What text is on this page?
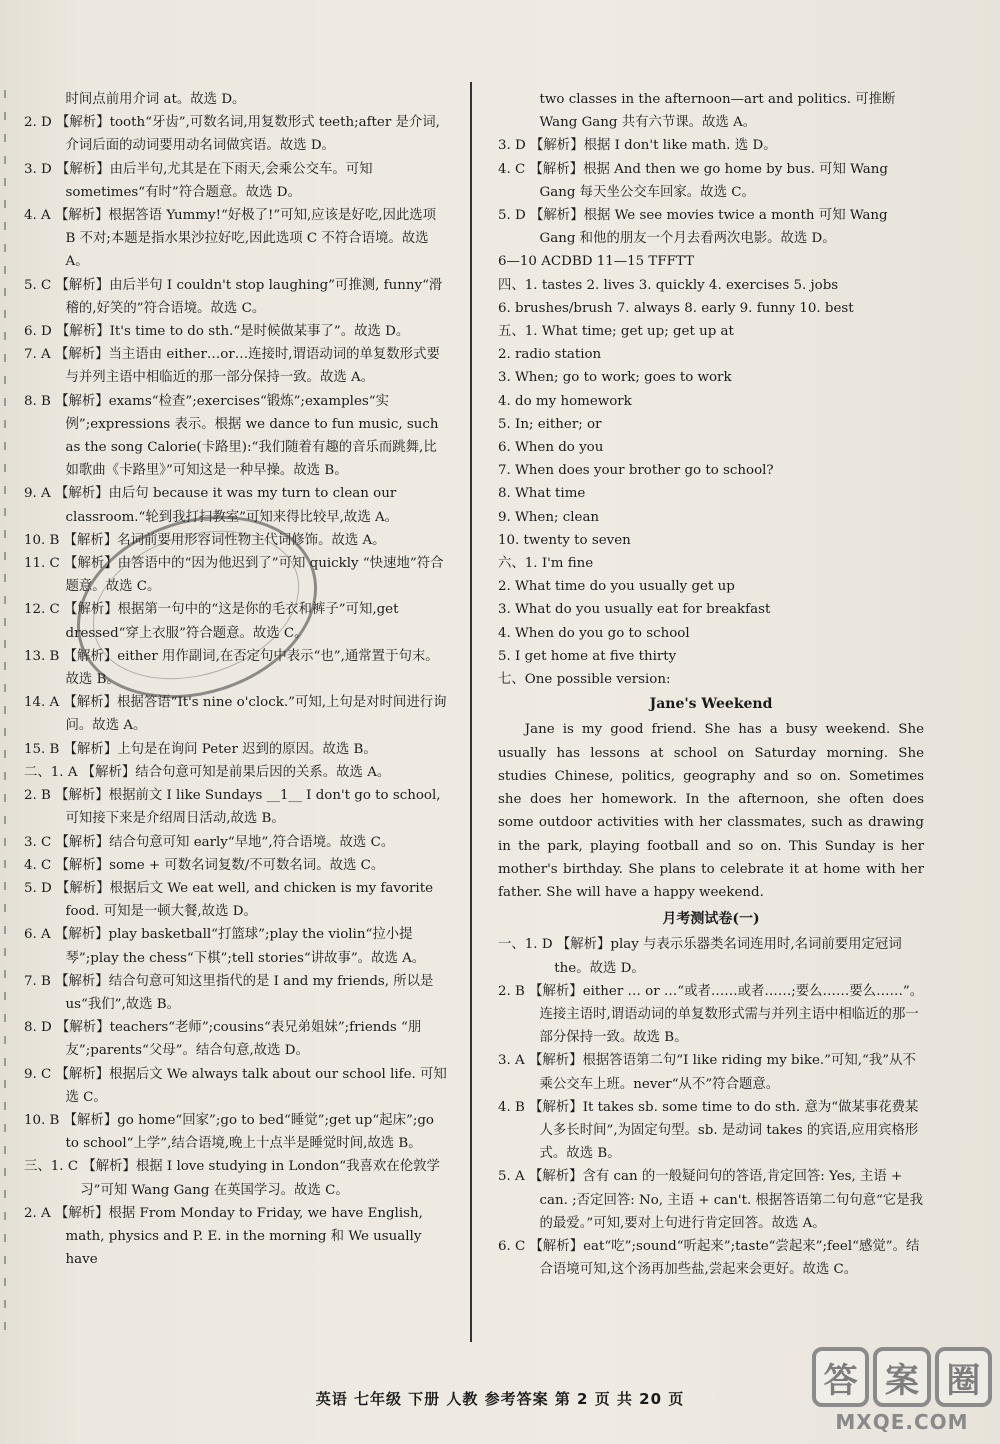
时间点前用介词 at。故选 D。

2. D 【解析】tooth“牙齿”,可数名词,用复数形式 teeth;after 是介词,介词后面的动词要用动名词做宾语。故选 D。

3. D 【解析】由后半句,尤其是在下雨天,会乘公交车。可知 sometimes“有时”符合题意。故选 D。

4. A 【解析】根据答语 Yummy!“好极了!”可知,应该是好吃,因此选项 B 不对;本题是指水果沙拉好吃,因此选项 C 不符合语境。故选 A。

5. C 【解析】由后半句 I couldn't stop laughing”可推测, funny“滑稽的,好笑的”符合语境。故选 C。

6. D 【解析】It's time to do sth.“是时候做某事了”。故选 D。

7. A 【解析】当主语由 either…or…连接时,谓语动词的单复数形式要与并列主语中相临近的那一部分保持一致。故选 A。

8. B 【解析】exams“检查”;exercises“锻炼”;examples“实例”;expressions 表示。根据 we dance to fun music, such as the song Calorie(卡路里):“我们随着有趣的音乐而跳舞,比如歌曲《卡路里》”可知这是一种早操。故选 B。

9. A 【解析】由后句 because it was my turn to clean our classroom.“轮到我打扫教室”可知来得比较早,故选 A。

10. B 【解析】名词前要用形容词性物主代词修饰。故选 A。

11. C 【解析】由答语中的“因为他迟到了”可知 quickly “快速地”符合题意。故选 C。

12. C 【解析】根据第一句中的“这是你的毛衣和裤子”可知,get dressed“穿上衣服”符合题意。故选 C。

13. B 【解析】either 用作副词,在否定句中表示“也”,通常置于句末。故选 B。

14. A 【解析】根据答语“It's nine o'clock.”可知,上句是对时间进行询问。故选 A。

15. B 【解析】上句是在询问 Peter 迟到的原因。故选 B。

二、1. A 【解析】结合句意可知是前果后因的关系。故选 A。

2. B 【解析】根据前文 I like Sundays __1__ I don't go to school,可知接下来是介绍周日活动,故选 B。

3. C 【解析】结合句意可知 early“早地”,符合语境。故选 C。

4. C 【解析】some + 可数名词复数/不可数名词。故选 C。

5. D 【解析】根据后文 We eat well, and chicken is my favorite food. 可知是一顿大餐,故选 D。

6. A 【解析】play basketball“打篮球”;play the violin“拉小提琴”;play the chess“下棋”;tell stories“讲故事”。故选 A。

7. B 【解析】结合句意可知这里指代的是 I and my friends, 所以是 us“我们”,故选 B。

8. D 【解析】teachers“老师”;cousins“表兄弟姐妹”;friends “朋友”;parents“父母”。结合句意,故选 D。

9. C 【解析】根据后文 We always talk about our school life. 可知选 C。

10. B 【解析】go home“回家”;go to bed“睡觉”;get up“起床”;go to school“上学”,结合语境,晚上十点半是睡觉时间,故选 B。

三、1. C 【解析】根据 I love studying in London“我喜欢在伦敦学习”可知 Wang Gang 在英国学习。故选 C。

2. A 【解析】根据 From Monday to Friday, we have English, math, physics and P. E. in the morning 和 We usually have

two classes in the afternoon—art and politics. 可推断 Wang Gang 共有六节课。故选 A。

3. D 【解析】根据 I don't like math. 选 D。

4. C 【解析】根据 And then we go home by bus. 可知 Wang Gang 每天坐公交车回家。故选 C。

5. D 【解析】根据 We see movies twice a month 可知 Wang Gang 和他的朋友一个月去看两次电影。故选 D。

6—10 ACDBD 11—15 TFFTT

四、1. tastes 2. lives 3. quickly 4. exercises 5. jobs

6. brushes/brush 7. always 8. early 9. funny 10. best

五、1. What time; get up; get up at

2. radio station

3. When; go to work; goes to work

4. do my homework

5. In; either; or

6. When do you

7. When does your brother go to school?

8. What time

9. When; clean

10. twenty to seven

六、1. I'm fine

2. What time do you usually get up

3. What do you usually eat for breakfast

4. When do you go to school

5. I get home at five thirty

七、One possible version:

Jane's Weekend

Jane is my good friend. She has a busy weekend. She usually has lessons at school on Saturday morning. She studies Chinese, politics, geography and so on. Sometimes she does her homework. In the afternoon, she often does some outdoor activities with her classmates, such as drawing in the park, playing football and so on. This Sunday is her mother's birthday. She plans to celebrate it at home with her father. She will have a happy weekend.

月考测试卷(一)

一、1. D 【解析】play 与表示乐器类名词连用时,名词前要用定冠词 the。故选 D。

2. B 【解析】either … or …“或者……或者……;要么……要么……”。连接主语时,谓语动词的单复数形式需与并列主语中相临近的那一部分保持一致。故选 B。

3. A 【解析】根据答语第二句“I like riding my bike.”可知,“我”从不乘公交车上班。never“从不”符合题意。

4. B 【解析】It takes sb. some time to do sth. 意为“做某事花费某人多长时间”,为固定句型。sb. 是动词 takes 的宾语,应用宾格形式。故选 B。

5. A 【解析】含有 can 的一般疑问句的答语,肯定回答: Yes, 主语 + can. ;否定回答: No, 主语 + can't. 根据答语第二句句意“它是我的最爱。”可知,要对上句进行肯定回答。故选 A。

6. C 【解析】eat“吃”;sound“听起来”;taste“尝起来”;feel“感觉”。结合语境可知,这个汤再加些盐,尝起来会更好。故选 C。

英语 七年级 下册 人教 参考答案 第 2 页 共 20 页	答 案 圈
MXQE.COM
